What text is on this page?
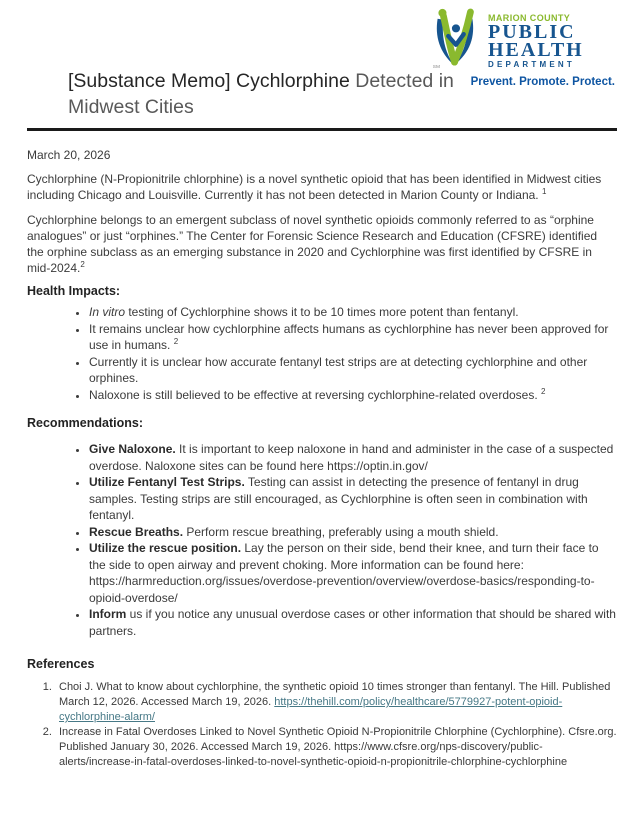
SM
MARION COUNTY
PUBLIC
HEALTH
DEPARTMENT
Prevent. Promote. Protect.
[Substance Memo] Cychlorphine Detected in Midwest Cities
March 20, 2026

Cychlorphine (N-Propionitrile chlorphine) is a novel synthetic opioid that has been identified in Midwest cities including Chicago and Louisville. Currently it has not been detected in Marion County or Indiana. $^1$

Cychlorphine belongs to an emergent subclass of novel synthetic opioids commonly referred to as “orphine analogues” or just “orphines.” The Center for Forensic Science Research and Education (CFSRE) identified the orphine subclass as an emerging substance in 2020 and Cychlorphine was first identified by CFSRE in mid-2024.$^2$

Health Impacts:
• In vitro testing of Cychlorphine shows it to be 10 times more potent than fentanyl.
• It remains unclear how cychlorphine affects humans as cychlorphine has never been approved for use in humans. $^2$
• Currently it is unclear how accurate fentanyl test strips are at detecting cychlorphine and other orphines.
• Naloxone is still believed to be effective at reversing cychlorphine-related overdoses. $^2$
Recommendations:
• Give Naloxone. It is important to keep naloxone in hand and administer in the case of a suspected overdose. Naloxone sites can be found here https://optin.in.gov/
• Utilize Fentanyl Test Strips. Testing can assist in detecting the presence of fentanyl in drug samples. Testing strips are still encouraged, as Cychlorphine is often seen in combination with fentanyl.
• Rescue Breaths. Perform rescue breathing, preferably using a mouth shield.
• Utilize the rescue position. Lay the person on their side, bend their knee, and turn their face to the side to open airway and prevent choking. More information can be found here: https://harmreduction.org/issues/overdose-prevention/overview/overdose-basics/responding-to-opioid-overdose/
• Inform us if you notice any unusual overdose cases or other information that should be shared with partners.
References
1. Choi J. What to know about cychlorphine, the synthetic opioid 10 times stronger than fentanyl. The Hill. Published March 12, 2026. Accessed March 19, 2026. https://thehill.com/policy/healthcare/5779927-potent-opioid-cychlorphine-alarm/
2. Increase in Fatal Overdoses Linked to Novel Synthetic Opioid N-Propionitrile Chlorphine (Cychlorphine). Cfsre.org. Published January 30, 2026. Accessed March 19, 2026. https://www.cfsre.org/nps-discovery/public-alerts/increase-in-fatal-overdoses-linked-to-novel-synthetic-opioid-n-propionitrile-chlorphine-cychlorphine
